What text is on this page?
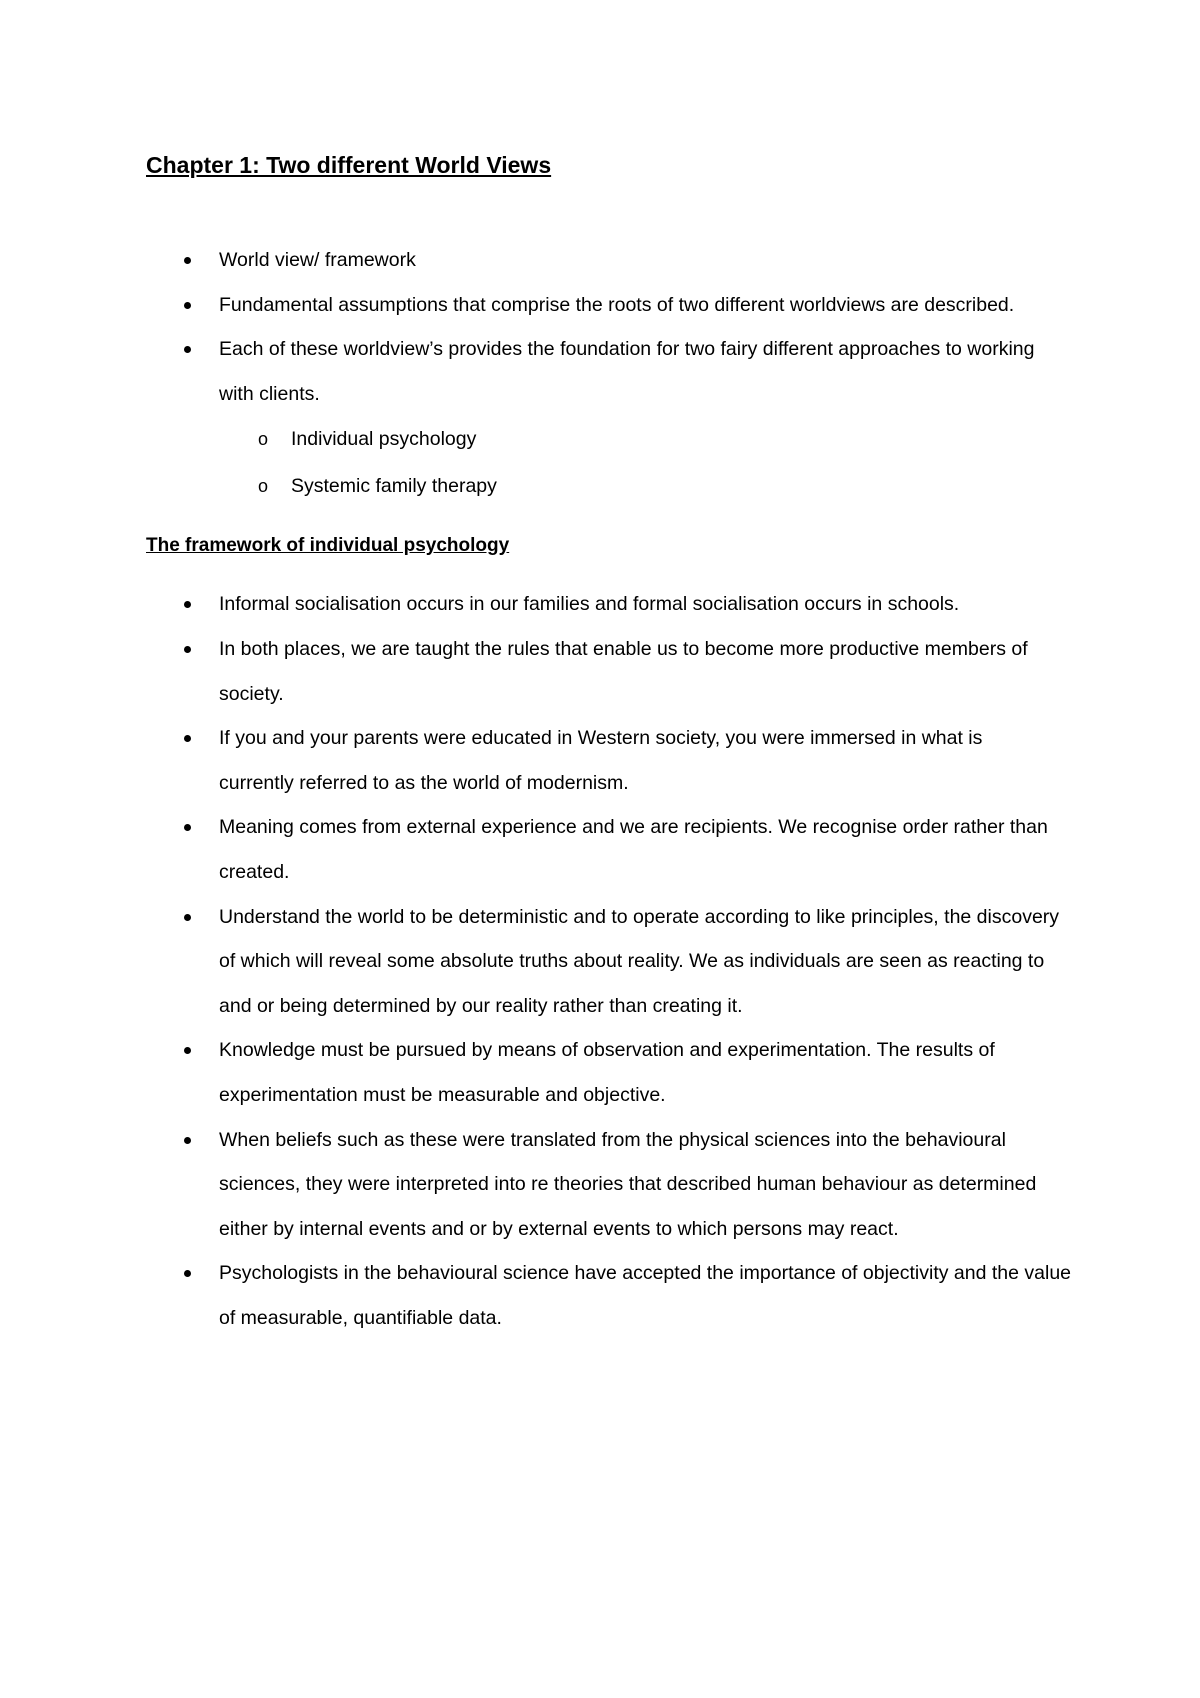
Chapter 1: Two different World Views
World view/ framework
Fundamental assumptions that comprise the roots of two different worldviews are described.
Each of these worldview’s provides the foundation for two fairy different approaches to working with clients.
o Individual psychology
o Systemic family therapy
The framework of individual psychology
Informal socialisation occurs in our families and formal socialisation occurs in schools.
In both places, we are taught the rules that enable us to become more productive members of society.
If you and your parents were educated in Western society, you were immersed in what is currently referred to as the world of modernism.
Meaning comes from external experience and we are recipients. We recognise order rather than created.
Understand the world to be deterministic and to operate according to like principles, the discovery of which will reveal some absolute truths about reality. We as individuals are seen as reacting to and or being determined by our reality rather than creating it.
Knowledge must be pursued by means of observation and experimentation. The results of experimentation must be measurable and objective.
When beliefs such as these were translated from the physical sciences into the behavioural sciences, they were interpreted into re theories that described human behaviour as determined either by internal events and or by external events to which persons may react.
Psychologists in the behavioural science have accepted the importance of objectivity and the value of measurable, quantifiable data.
